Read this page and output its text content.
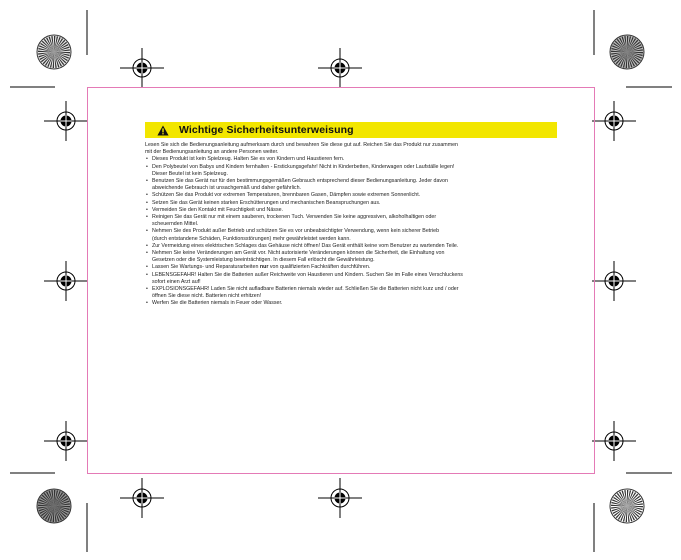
Wichtige Sicherheitsunterweisung

Lesen Sie sich die Bedienungsanleitung aufmerksam durch und bewahren Sie diese gut auf. Reichen Sie das Produkt nur zusammen
mit der Bedienungsanleitung an andere Personen weiter.

• Dieses Produkt ist kein Spielzeug. Halten Sie es von Kindern und Haustieren fern.
• Den Polybeutel von Babys und Kindern fernhalten - Erstickungsgefahr! Nicht in Kinderbetten, Kinderwagen oder Laufställe legen!
Dieser Beutel ist kein Spielzeug.
• Benutzen Sie das Gerät nur für den bestimmungsgemäßen Gebrauch entsprechend dieser Bedienungsanleitung. Jeder davon
abweichende Gebrauch ist unsachgemäß und daher gefährlich.
• Schützen Sie das Produkt vor extremen Temperaturen, brennbaren Gasen, Dämpfen sowie extremen Sonnenlicht.
• Setzen Sie das Gerät keinen starken Erschütterungen und mechanischen Beanspruchungen aus.
• Vermeiden Sie den Kontakt mit Feuchtigkeit und Nässe.
• Reinigen Sie das Gerät nur mit einem sauberen, trockenen Tuch. Verwenden Sie keine aggressiven, alkoholhaltigen oder
scheuernden Mittel.
• Nehmen Sie des Produkt außer Betrieb und schützen Sie es vor unbeabsichtigter Verwendung, wenn kein sicherer Betrieb
(durch entstandene Schäden, Funktionsstörungen) mehr gewährleistet werden kann.
• Zur Vermeidung eines elektrischen Schlages das Gehäuse nicht öffnen! Das Gerät enthält keine vom Benutzer zu wartenden Teile.
• Nehmen Sie keine Veränderungen am Gerät vor. Nicht autorisierte Veränderungen können die Sicherheit, die Einhaltung von
Gesetzen oder die Systemleistung beeinträchtigen. In diesem Fall erlöscht die Gewährleistung.
• Lassen Sie Wartungs- und Reparaturarbeiten nur von qualifizierten Fachkräften durchführen.
• LEBENSGEFAHR! Halten Sie die Batterien außer Reichweite von Haustieren und Kindern. Suchen Sie im Falle eines Verschluckens
sofort einen Arzt auf!
• EXPLOSIONSGEFAHR! Laden Sie nicht aufladbare Batterien niemals wieder auf. Schließen Sie die Batterien nicht kurz und / oder
öffnen Sie diese nicht. Batterien nicht erhitzen!
• Werfen Sie die Batterien niemals in Feuer oder Wasser.
